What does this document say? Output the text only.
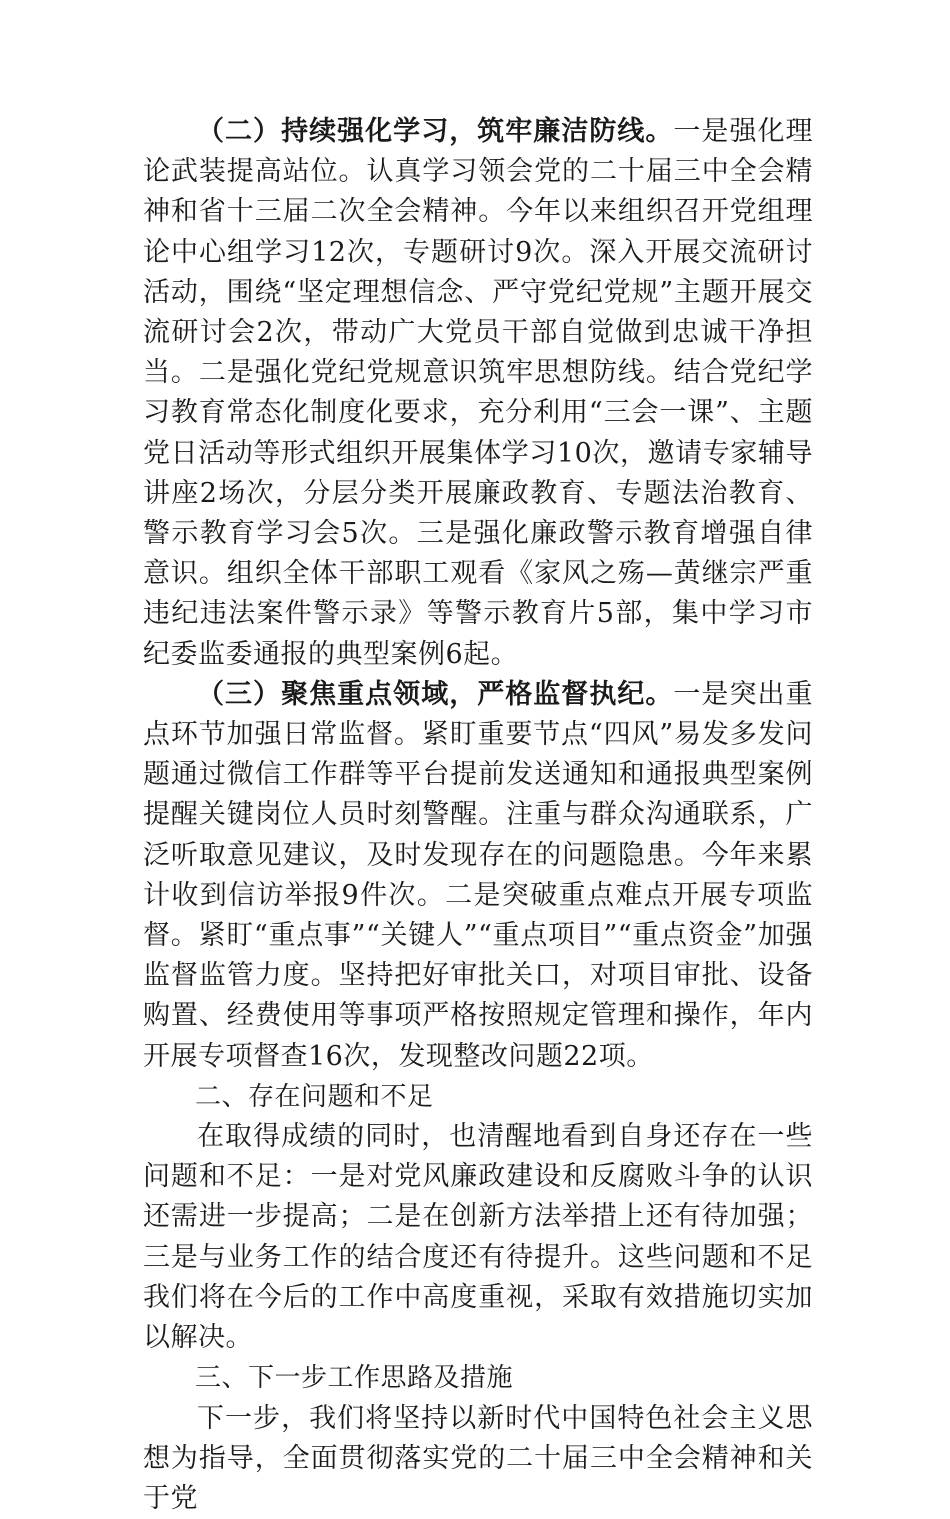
（二）持续强化学习，筑牢廉洁防线。一是强化理论武装提高站位。认真学习领会党的二十届三中全会精神和省十三届二次全会精神。今年以来组织召开党组理论中心组学习12次，专题研讨9次。深入开展交流研讨活动，围绕“坚定理想信念、严守党纪党规”主题开展交流研讨会2次，带动广大党员干部自觉做到忠诚干净担当。二是强化党纪党规意识筑牢思想防线。结合党纪学习教育常态化制度化要求，充分利用“三会一课”、主题党日活动等形式组织开展集体学习10次，邀请专家辅导讲座2场次，分层分类开展廉政教育、专题法治教育、警示教育学习会5次。三是强化廉政警示教育增强自律意识。组织全体干部职工观看《家风之殇—黄继宗严重违纪违法案件警示录》等警示教育片5部，集中学习市纪委监委通报的典型案例6起。

（三）聚焦重点领域，严格监督执纪。一是突出重点环节加强日常监督。紧盯重要节点“四风”易发多发问题通过微信工作群等平台提前发送通知和通报典型案例提醒关键岗位人员时刻警醒。注重与群众沟通联系，广泛听取意见建议，及时发现存在的问题隐患。今年来累计收到信访举报9件次。二是突破重点难点开展专项监督。紧盯“重点事”“关键人”“重点项目”“重点资金”加强监督监管力度。坚持把好审批关口，对项目审批、设备购置、经费使用等事项严格按照规定管理和操作，年内开展专项督查16次，发现整改问题22项。

二、存在问题和不足

在取得成绩的同时，也清醒地看到自身还存在一些问题和不足：一是对党风廉政建设和反腐败斗争的认识还需进一步提高；二是在创新方法举措上还有待加强；三是与业务工作的结合度还有待提升。这些问题和不足我们将在今后的工作中高度重视，采取有效措施切实加以解决。

三、下一步工作思路及措施

下一步，我们将坚持以新时代中国特色社会主义思想为指导，全面贯彻落实党的二十届三中全会精神和关于党
